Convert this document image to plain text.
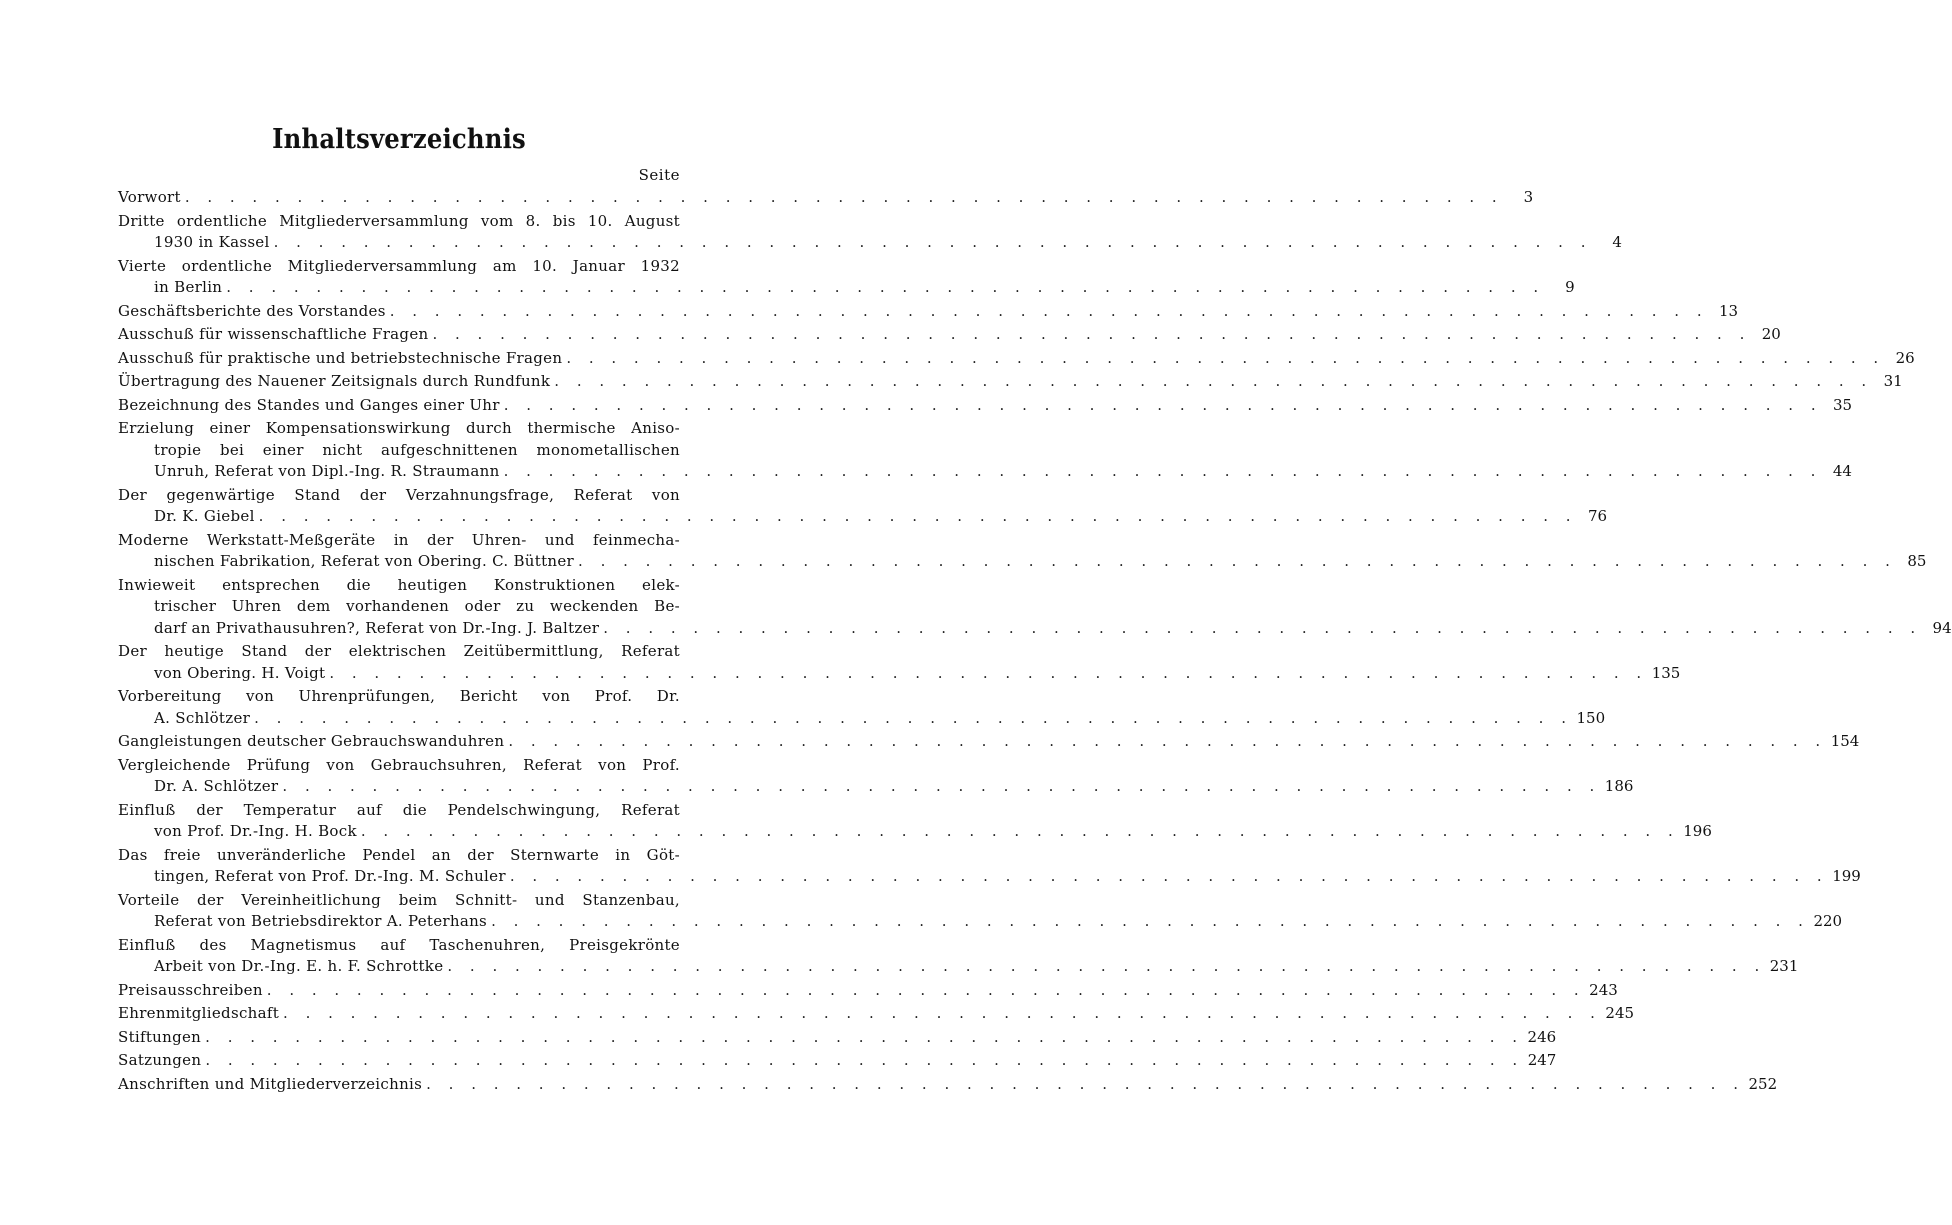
Inhaltsverzeichnis
Seite
Vorwort . . . . . . . . . . . . . . . . . . . . . . . . . . . . . . . . . . . . . . . . . . . . . . . . . . . . . . . . . . .	3
Dritte ordentliche Mitgliederversammlung vom 8. bis 10. August
1930 in Kassel . . . . . . . . . . . . . . . . . . . . . . . . . . . . . . . . . . . . . . . . . . . . . . . . . . . . . . . . . . .	4
Vierte ordentliche Mitgliederversammlung am 10. Januar 1932
in Berlin . . . . . . . . . . . . . . . . . . . . . . . . . . . . . . . . . . . . . . . . . . . . . . . . . . . . . . . . . . .	9
Geschäftsberichte des Vorstandes . . . . . . . . . . . . . . . . . . . . . . . . . . . . . . . . . . . . . . . . . . . . . . . . . . . . . . . . . . . 13
Ausschuß für wissenschaftliche Fragen . . . . . . . . . . . . . . . . . . . . . . . . . . . . . . . . . . . . . . . . . . . . . . . . . . . . . . . . . . . 20
Ausschuß für praktische und betriebstechnische Fragen . . . . . . . . . . . . . . . . . . . . . . . . . . . . . . . . . . . . . . . . . . . . . . . . . . . . . . . . . . . 26
Übertragung des Nauener Zeitsignals durch Rundfunk . . . . . . . . . . . . . . . . . . . . . . . . . . . . . . . . . . . . . . . . . . . . . . . . . . . . . . . . . . . 31
Bezeichnung des Standes und Ganges einer Uhr . . . . . . . . . . . . . . . . . . . . . . . . . . . . . . . . . . . . . . . . . . . . . . . . . . . . . . . . . . . 35
Erzielung einer Kompensationswirkung durch thermische Aniso-
tropie bei einer nicht aufgeschnittenen monometallischen
Unruh, Referat von Dipl.-Ing. R. Straumann . . . . . . . . . . . . . . . . . . . . . . . . . . . . . . . . . . . . . . . . . . . . . . . . . . . . . . . . . . . 44
Der gegenwärtige Stand der Verzahnungsfrage, Referat von
Dr. K. Giebel . . . . . . . . . . . . . . . . . . . . . . . . . . . . . . . . . . . . . . . . . . . . . . . . . . . . . . . . . . . 76
Moderne Werkstatt-Meßgeräte in der Uhren- und feinmecha-
nischen Fabrikation, Referat von Obering. C. Büttner . . . . . . . . . . . . . . . . . . . . . . . . . . . . . . . . . . . . . . . . . . . . . . . . . . . . . . . . . . . 85
Inwieweit entsprechen die heutigen Konstruktionen elek-
trischer Uhren dem vorhandenen oder zu weckenden Be-
darf an Privathausuhren?, Referat von Dr.-Ing. J. Baltzer . . . . . . . . . . . . . . . . . . . . . . . . . . . . . . . . . . . . . . . . . . . . . . . . . . . . . . . . . . . 94
Der heutige Stand der elektrischen Zeitübermittlung, Referat
von Obering. H. Voigt . . . . . . . . . . . . . . . . . . . . . . . . . . . . . . . . . . . . . . . . . . . . . . . . . . . . . . . . . . . 135
Vorbereitung von Uhrenprüfungen, Bericht von Prof. Dr.
A. Schlötzer . . . . . . . . . . . . . . . . . . . . . . . . . . . . . . . . . . . . . . . . . . . . . . . . . . . . . . . . . . . 150
Gangleistungen deutscher Gebrauchswanduhren . . . . . . . . . . . . . . . . . . . . . . . . . . . . . . . . . . . . . . . . . . . . . . . . . . . . . . . . . . . 154
Vergleichende Prüfung von Gebrauchsuhren, Referat von Prof.
Dr. A. Schlötzer . . . . . . . . . . . . . . . . . . . . . . . . . . . . . . . . . . . . . . . . . . . . . . . . . . . . . . . . . . . 186
Einfluß der Temperatur auf die Pendelschwingung, Referat
von Prof. Dr.-Ing. H. Bock . . . . . . . . . . . . . . . . . . . . . . . . . . . . . . . . . . . . . . . . . . . . . . . . . . . . . . . . . . . 196
Das freie unveränderliche Pendel an der Sternwarte in Göt-
tingen, Referat von Prof. Dr.-Ing. M. Schuler . . . . . . . . . . . . . . . . . . . . . . . . . . . . . . . . . . . . . . . . . . . . . . . . . . . . . . . . . . . 199
Vorteile der Vereinheitlichung beim Schnitt- und Stanzenbau,
Referat von Betriebsdirektor A. Peterhans . . . . . . . . . . . . . . . . . . . . . . . . . . . . . . . . . . . . . . . . . . . . . . . . . . . . . . . . . . . 220
Einfluß des Magnetismus auf Taschenuhren, Preisgekrönte
Arbeit von Dr.-Ing. E. h. F. Schrottke . . . . . . . . . . . . . . . . . . . . . . . . . . . . . . . . . . . . . . . . . . . . . . . . . . . . . . . . . . . 231
Preisausschreiben . . . . . . . . . . . . . . . . . . . . . . . . . . . . . . . . . . . . . . . . . . . . . . . . . . . . . . . . . . . 243
Ehrenmitgliedschaft . . . . . . . . . . . . . . . . . . . . . . . . . . . . . . . . . . . . . . . . . . . . . . . . . . . . . . . . . . . 245
Stiftungen . . . . . . . . . . . . . . . . . . . . . . . . . . . . . . . . . . . . . . . . . . . . . . . . . . . . . . . . . . . 246
Satzungen . . . . . . . . . . . . . . . . . . . . . . . . . . . . . . . . . . . . . . . . . . . . . . . . . . . . . . . . . . . 247
Anschriften und Mitgliederverzeichnis . . . . . . . . . . . . . . . . . . . . . . . . . . . . . . . . . . . . . . . . . . . . . . . . . . . . . . . . . . . 252
